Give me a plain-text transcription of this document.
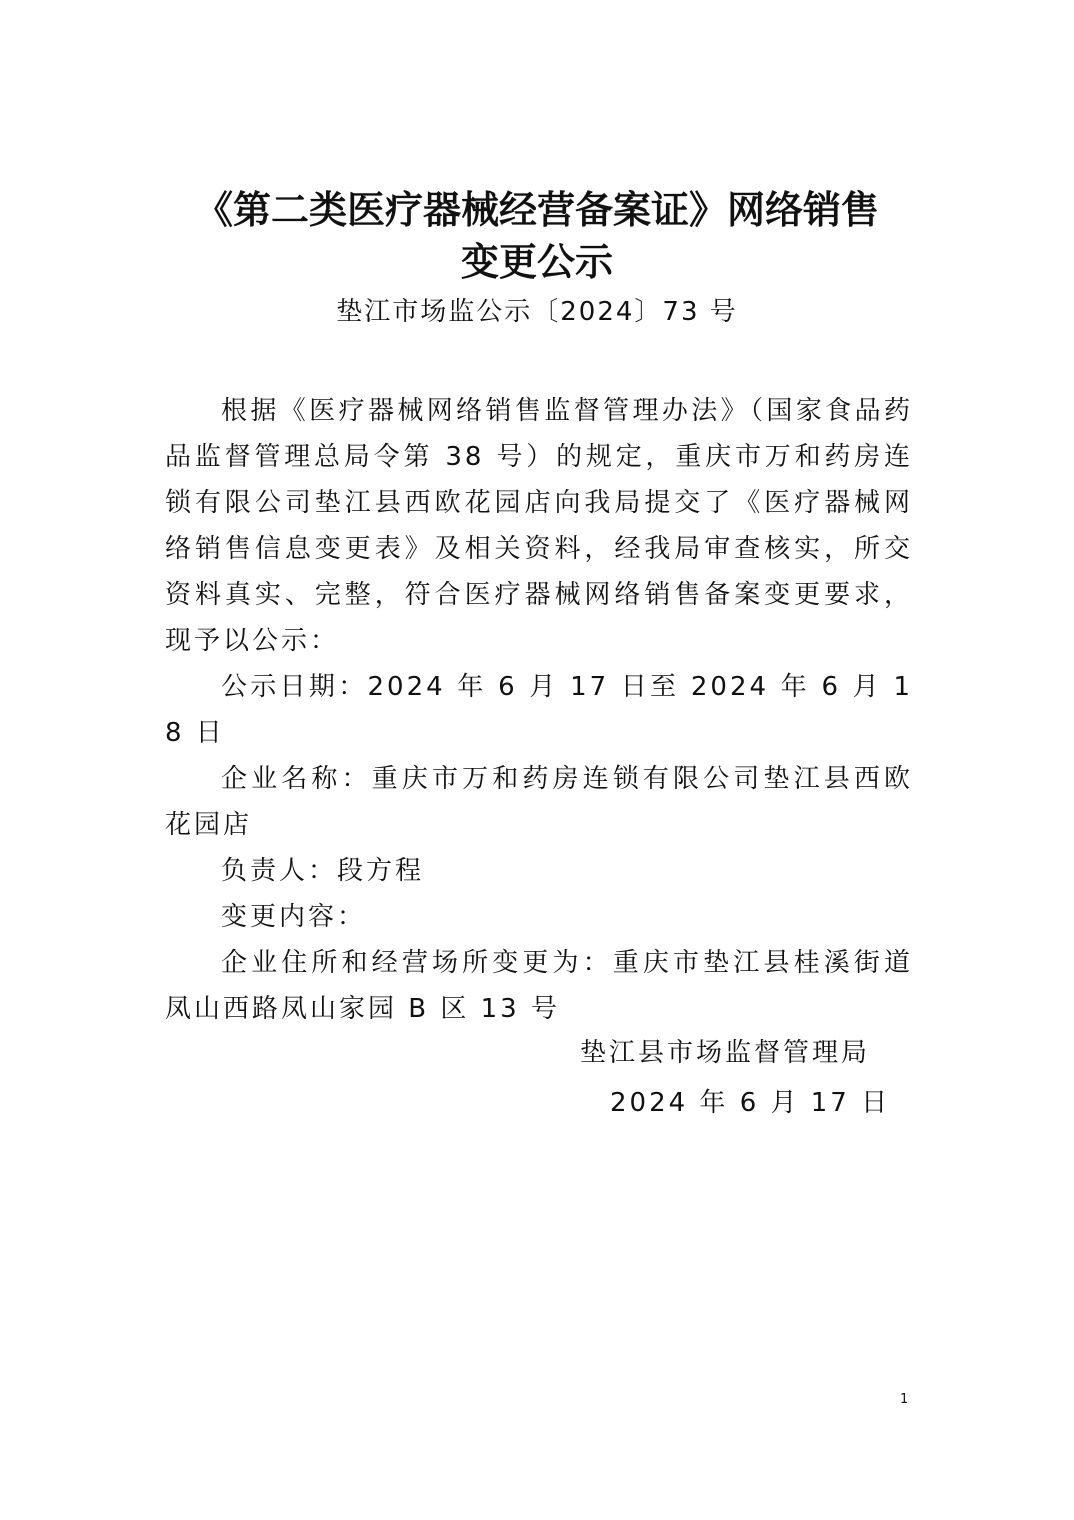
《第二类医疗器械经营备案证》网络销售
变更公示
垫江市场监公示〔2024〕73 号

根据《医疗器械网络销售监督管理办法》（国家食品药品监督管理总局令第 38 号）的规定，重庆市万和药房连锁有限公司垫江县西欧花园店向我局提交了《医疗器械网络销售信息变更表》及相关资料，经我局审查核实，所交资料真实、完整，符合医疗器械网络销售备案变更要求，现予以公示：

公示日期：2024 年 6 月 17 日至 2024 年 6 月 18 日

企业名称：重庆市万和药房连锁有限公司垫江县西欧花园店

负责人：段方程

变更内容：

企业住所和经营场所变更为：重庆市垫江县桂溪街道凤山西路凤山家园 B 区 13 号

垫江县市场监督管理局
2024 年 6 月 17 日
1
